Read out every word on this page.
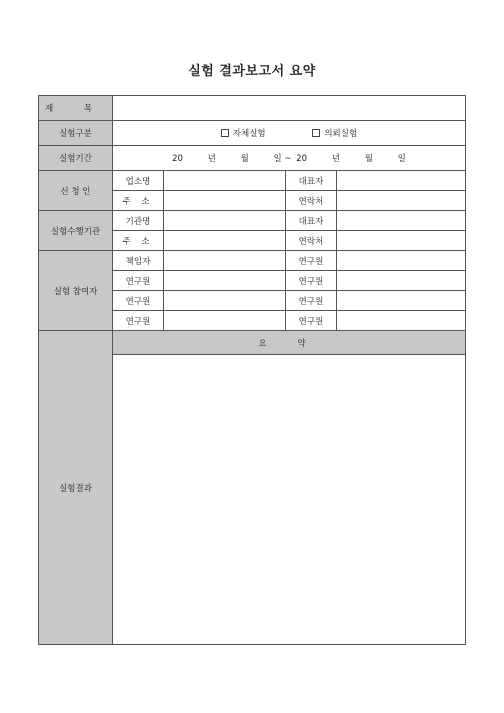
실험 결과보고서 요약
제 목				
실험구분	자체실험 의뢰실험			
실험기간	20 년 월 일 ~ 20 년 월 일			
신 청 인	업소명		대표자	
	주 소		연락처	
실험수행기관	기관명		대표자	
	주 소		연락처	
실험 참여자	책임자		연구원	
	연구원		연구원	
	연구원		연구원	
	연구원		연구원	
실험결과	요 약			
